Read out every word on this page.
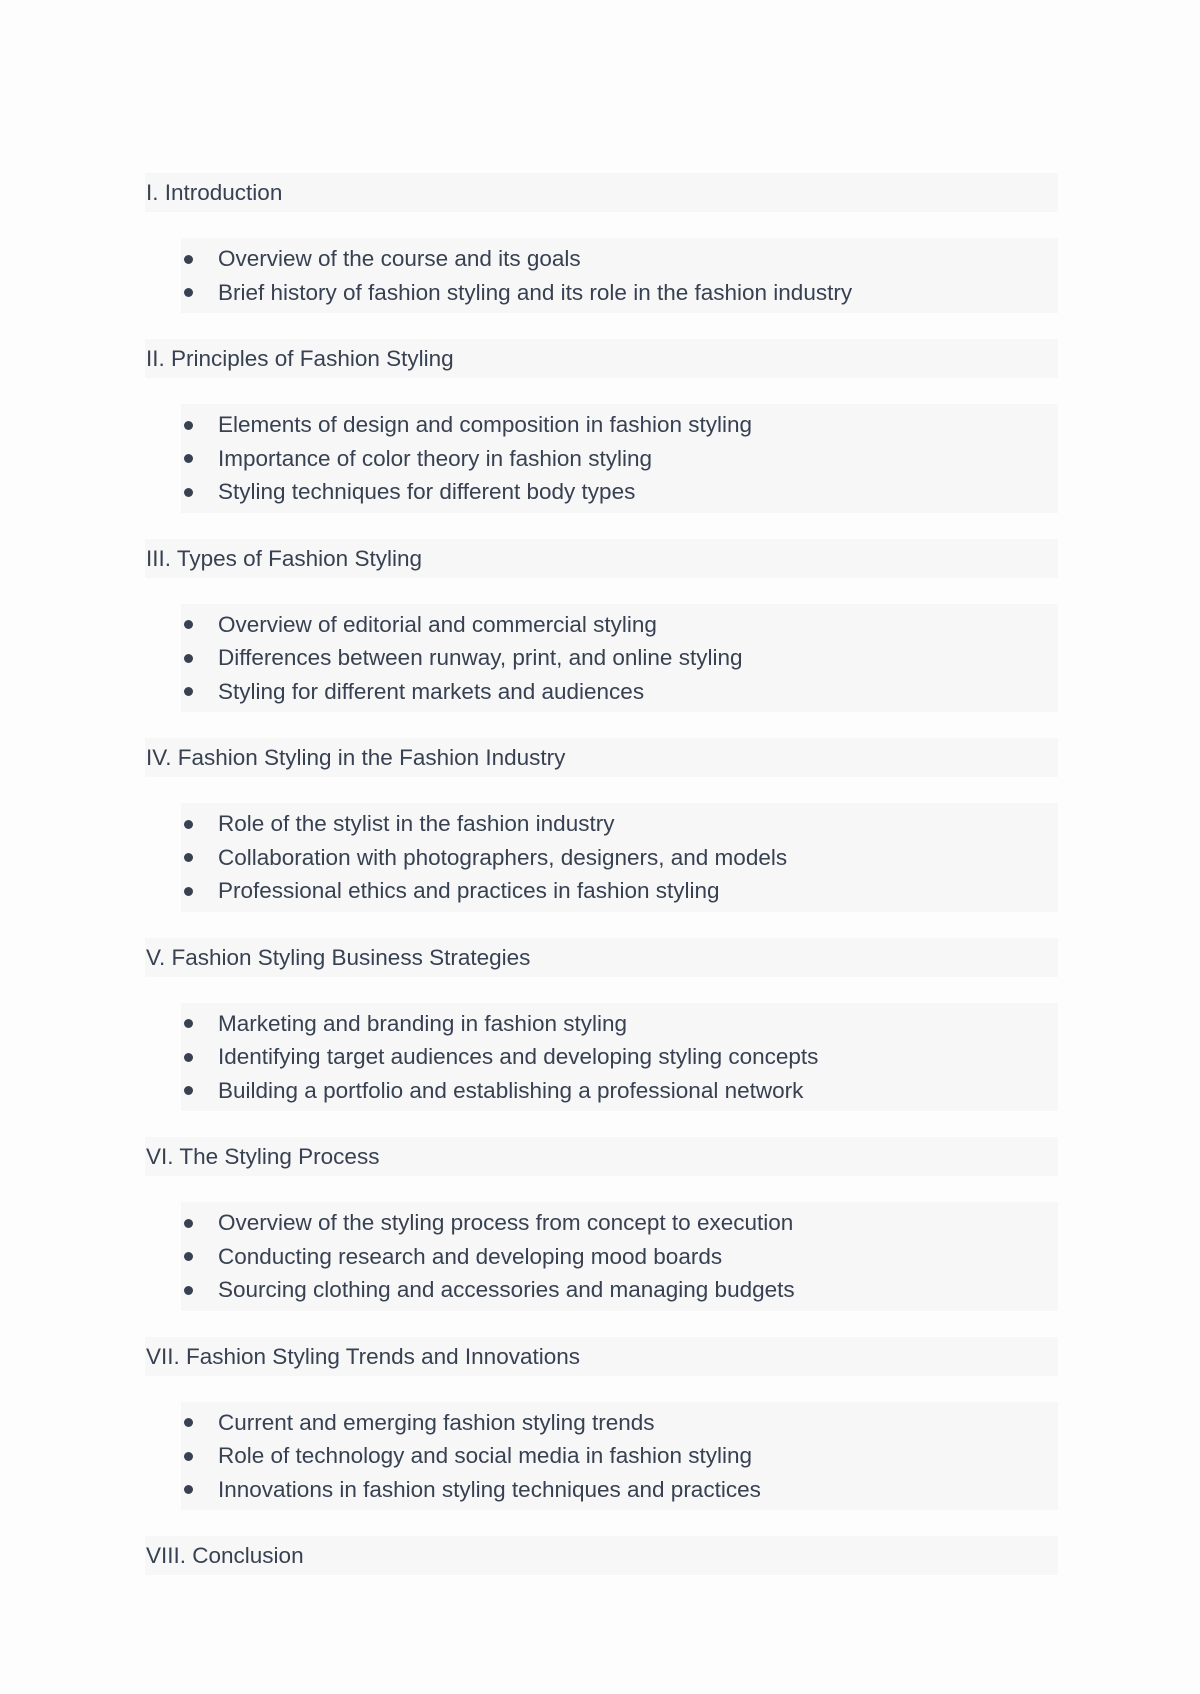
I. Introduction
Overview of the course and its goals
Brief history of fashion styling and its role in the fashion industry
II. Principles of Fashion Styling
Elements of design and composition in fashion styling
Importance of color theory in fashion styling
Styling techniques for different body types
III. Types of Fashion Styling
Overview of editorial and commercial styling
Differences between runway, print, and online styling
Styling for different markets and audiences
IV. Fashion Styling in the Fashion Industry
Role of the stylist in the fashion industry
Collaboration with photographers, designers, and models
Professional ethics and practices in fashion styling
V. Fashion Styling Business Strategies
Marketing and branding in fashion styling
Identifying target audiences and developing styling concepts
Building a portfolio and establishing a professional network
VI. The Styling Process
Overview of the styling process from concept to execution
Conducting research and developing mood boards
Sourcing clothing and accessories and managing budgets
VII. Fashion Styling Trends and Innovations
Current and emerging fashion styling trends
Role of technology and social media in fashion styling
Innovations in fashion styling techniques and practices
VIII. Conclusion
